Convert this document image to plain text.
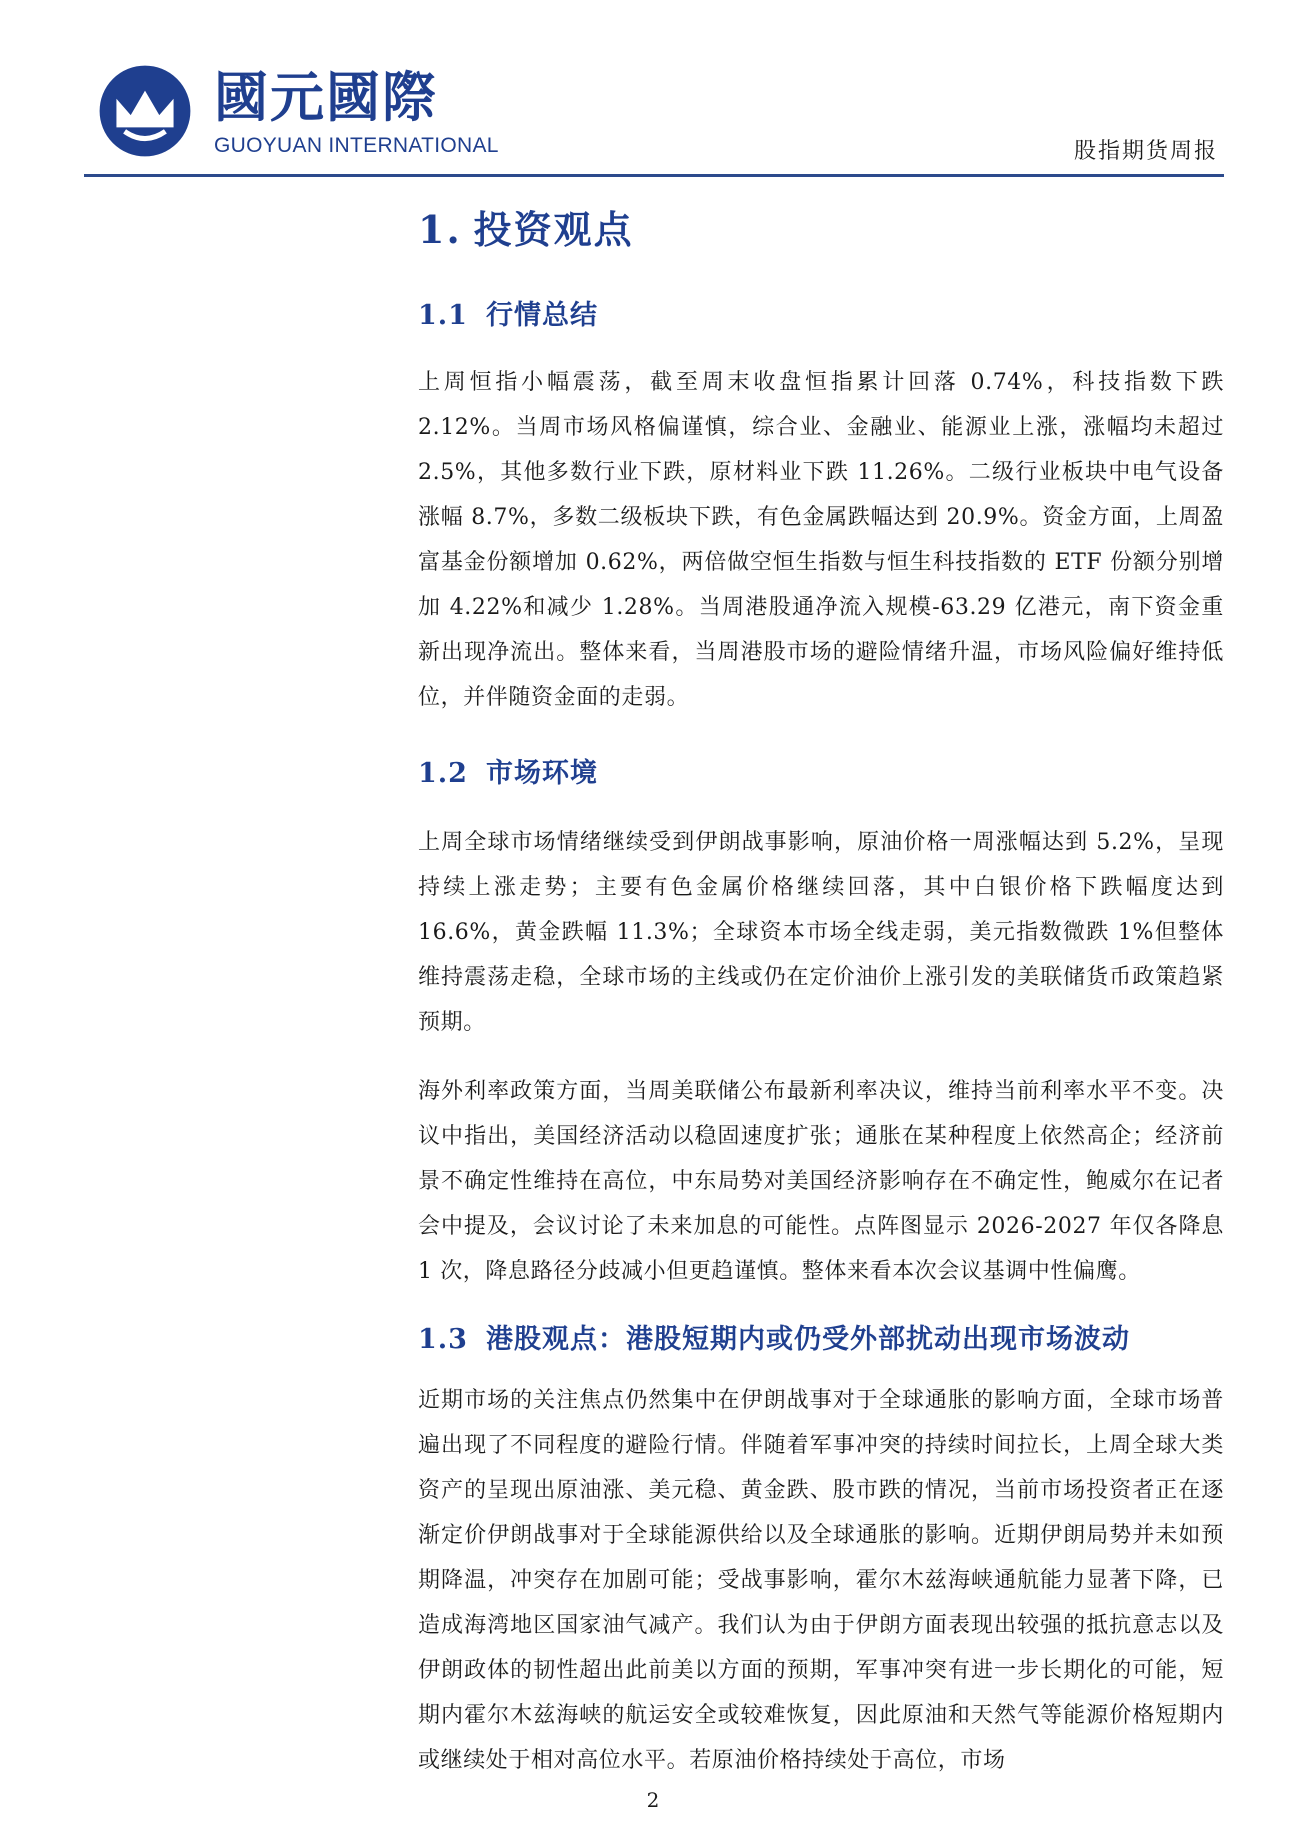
國元國際
GUOYUAN INTERNATIONAL	股指期货周报
1. 投资观点
1.1 行情总结

上周恒指小幅震荡，截至周末收盘恒指累计回落 0.74%，科技指数下跌 2.12%。当周市场风格偏谨慎，综合业、金融业、能源业上涨，涨幅均未超过 2.5%，其他多数行业下跌，原材料业下跌 11.26%。二级行业板块中电气设备涨幅 8.7%，多数二级板块下跌，有色金属跌幅达到 20.9%。资金方面，上周盈富基金份额增加 0.62%，两倍做空恒生指数与恒生科技指数的 ETF 份额分别增加 4.22%和减少 1.28%。当周港股通净流入规模-63.29 亿港元，南下资金重新出现净流出。整体来看，当周港股市场的避险情绪升温，市场风险偏好维持低位，并伴随资金面的走弱。

1.2 市场环境

上周全球市场情绪继续受到伊朗战事影响，原油价格一周涨幅达到 5.2%，呈现持续上涨走势；主要有色金属价格继续回落，其中白银价格下跌幅度达到 16.6%，黄金跌幅 11.3%；全球资本市场全线走弱，美元指数微跌 1%但整体维持震荡走稳，全球市场的主线或仍在定价油价上涨引发的美联储货币政策趋紧预期。

海外利率政策方面，当周美联储公布最新利率决议，维持当前利率水平不变。决议中指出，美国经济活动以稳固速度扩张；通胀在某种程度上依然高企；经济前景不确定性维持在高位，中东局势对美国经济影响存在不确定性，鲍威尔在记者会中提及，会议讨论了未来加息的可能性。点阵图显示 2026-2027 年仅各降息 1 次，降息路径分歧减小但更趋谨慎。整体来看本次会议基调中性偏鹰。

1.3 港股观点：港股短期内或仍受外部扰动出现市场波动

近期市场的关注焦点仍然集中在伊朗战事对于全球通胀的影响方面，全球市场普遍出现了不同程度的避险行情。伴随着军事冲突的持续时间拉长，上周全球大类资产的呈现出原油涨、美元稳、黄金跌、股市跌的情况，当前市场投资者正在逐渐定价伊朗战事对于全球能源供给以及全球通胀的影响。近期伊朗局势并未如预期降温，冲突存在加剧可能；受战事影响，霍尔木兹海峡通航能力显著下降，已造成海湾地区国家油气减产。我们认为由于伊朗方面表现出较强的抵抗意志以及伊朗政体的韧性超出此前美以方面的预期，军事冲突有进一步长期化的可能，短期内霍尔木兹海峡的航运安全或较难恢复，因此原油和天然气等能源价格短期内或继续处于相对高位水平。若原油价格持续处于高位，市场

2
